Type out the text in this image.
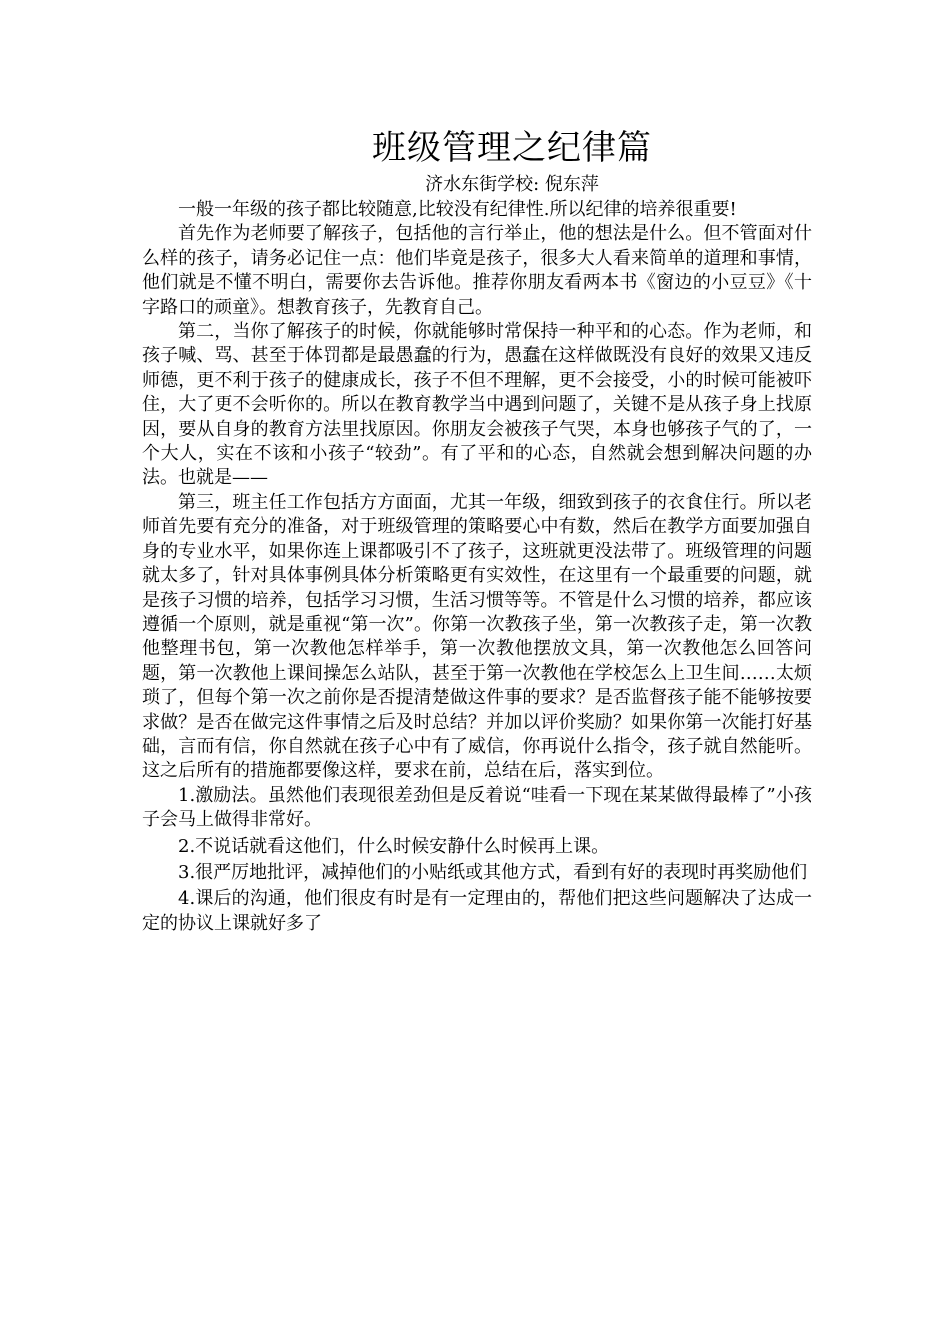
班级管理之纪律篇
济水东街学校: 倪东萍

一般一年级的孩子都比较随意,比较没有纪律性.所以纪律的培养很重要!

首先作为老师要了解孩子，包括他的言行举止，他的想法是什么。但不管面对什么样的孩子，请务必记住一点：他们毕竟是孩子，很多大人看来简单的道理和事情，他们就是不懂不明白，需要你去告诉他。推荐你朋友看两本书《窗边的小豆豆》《十字路口的顽童》。想教育孩子，先教育自己。

第二，当你了解孩子的时候，你就能够时常保持一种平和的心态。作为老师，和孩子喊、骂、甚至于体罚都是最愚蠢的行为，愚蠢在这样做既没有良好的效果又违反师德，更不利于孩子的健康成长，孩子不但不理解，更不会接受，小的时候可能被吓住，大了更不会听你的。所以在教育教学当中遇到问题了，关键不是从孩子身上找原因，要从自身的教育方法里找原因。你朋友会被孩子气哭，本身也够孩子气的了，一个大人，实在不该和小孩子“较劲”。有了平和的心态，自然就会想到解决问题的办法。也就是——

第三，班主任工作包括方方面面，尤其一年级，细致到孩子的衣食住行。所以老师首先要有充分的准备，对于班级管理的策略要心中有数，然后在教学方面要加强自身的专业水平，如果你连上课都吸引不了孩子，这班就更没法带了。班级管理的问题就太多了，针对具体事例具体分析策略更有实效性，在这里有一个最重要的问题，就是孩子习惯的培养，包括学习习惯，生活习惯等等。不管是什么习惯的培养，都应该遵循一个原则，就是重视“第一次”。你第一次教孩子坐，第一次教孩子走，第一次教他整理书包，第一次教他怎样举手，第一次教他摆放文具，第一次教他怎么回答问题，第一次教他上课间操怎么站队，甚至于第一次教他在学校怎么上卫生间……太烦琐了，但每个第一次之前你是否提清楚做这件事的要求？是否监督孩子能不能够按要求做？是否在做完这件事情之后及时总结？并加以评价奖励？如果你第一次能打好基础，言而有信，你自然就在孩子心中有了威信，你再说什么指令，孩子就自然能听。这之后所有的措施都要像这样，要求在前，总结在后，落实到位。

1.激励法。虽然他们表现很差劲但是反着说“哇看一下现在某某做得最棒了”小孩子会马上做得非常好。

2.不说话就看这他们，什么时候安静什么时候再上课。

3.很严厉地批评，减掉他们的小贴纸或其他方式，看到有好的表现时再奖励他们

4.课后的沟通，他们很皮有时是有一定理由的，帮他们把这些问题解决了达成一定的协议上课就好多了
